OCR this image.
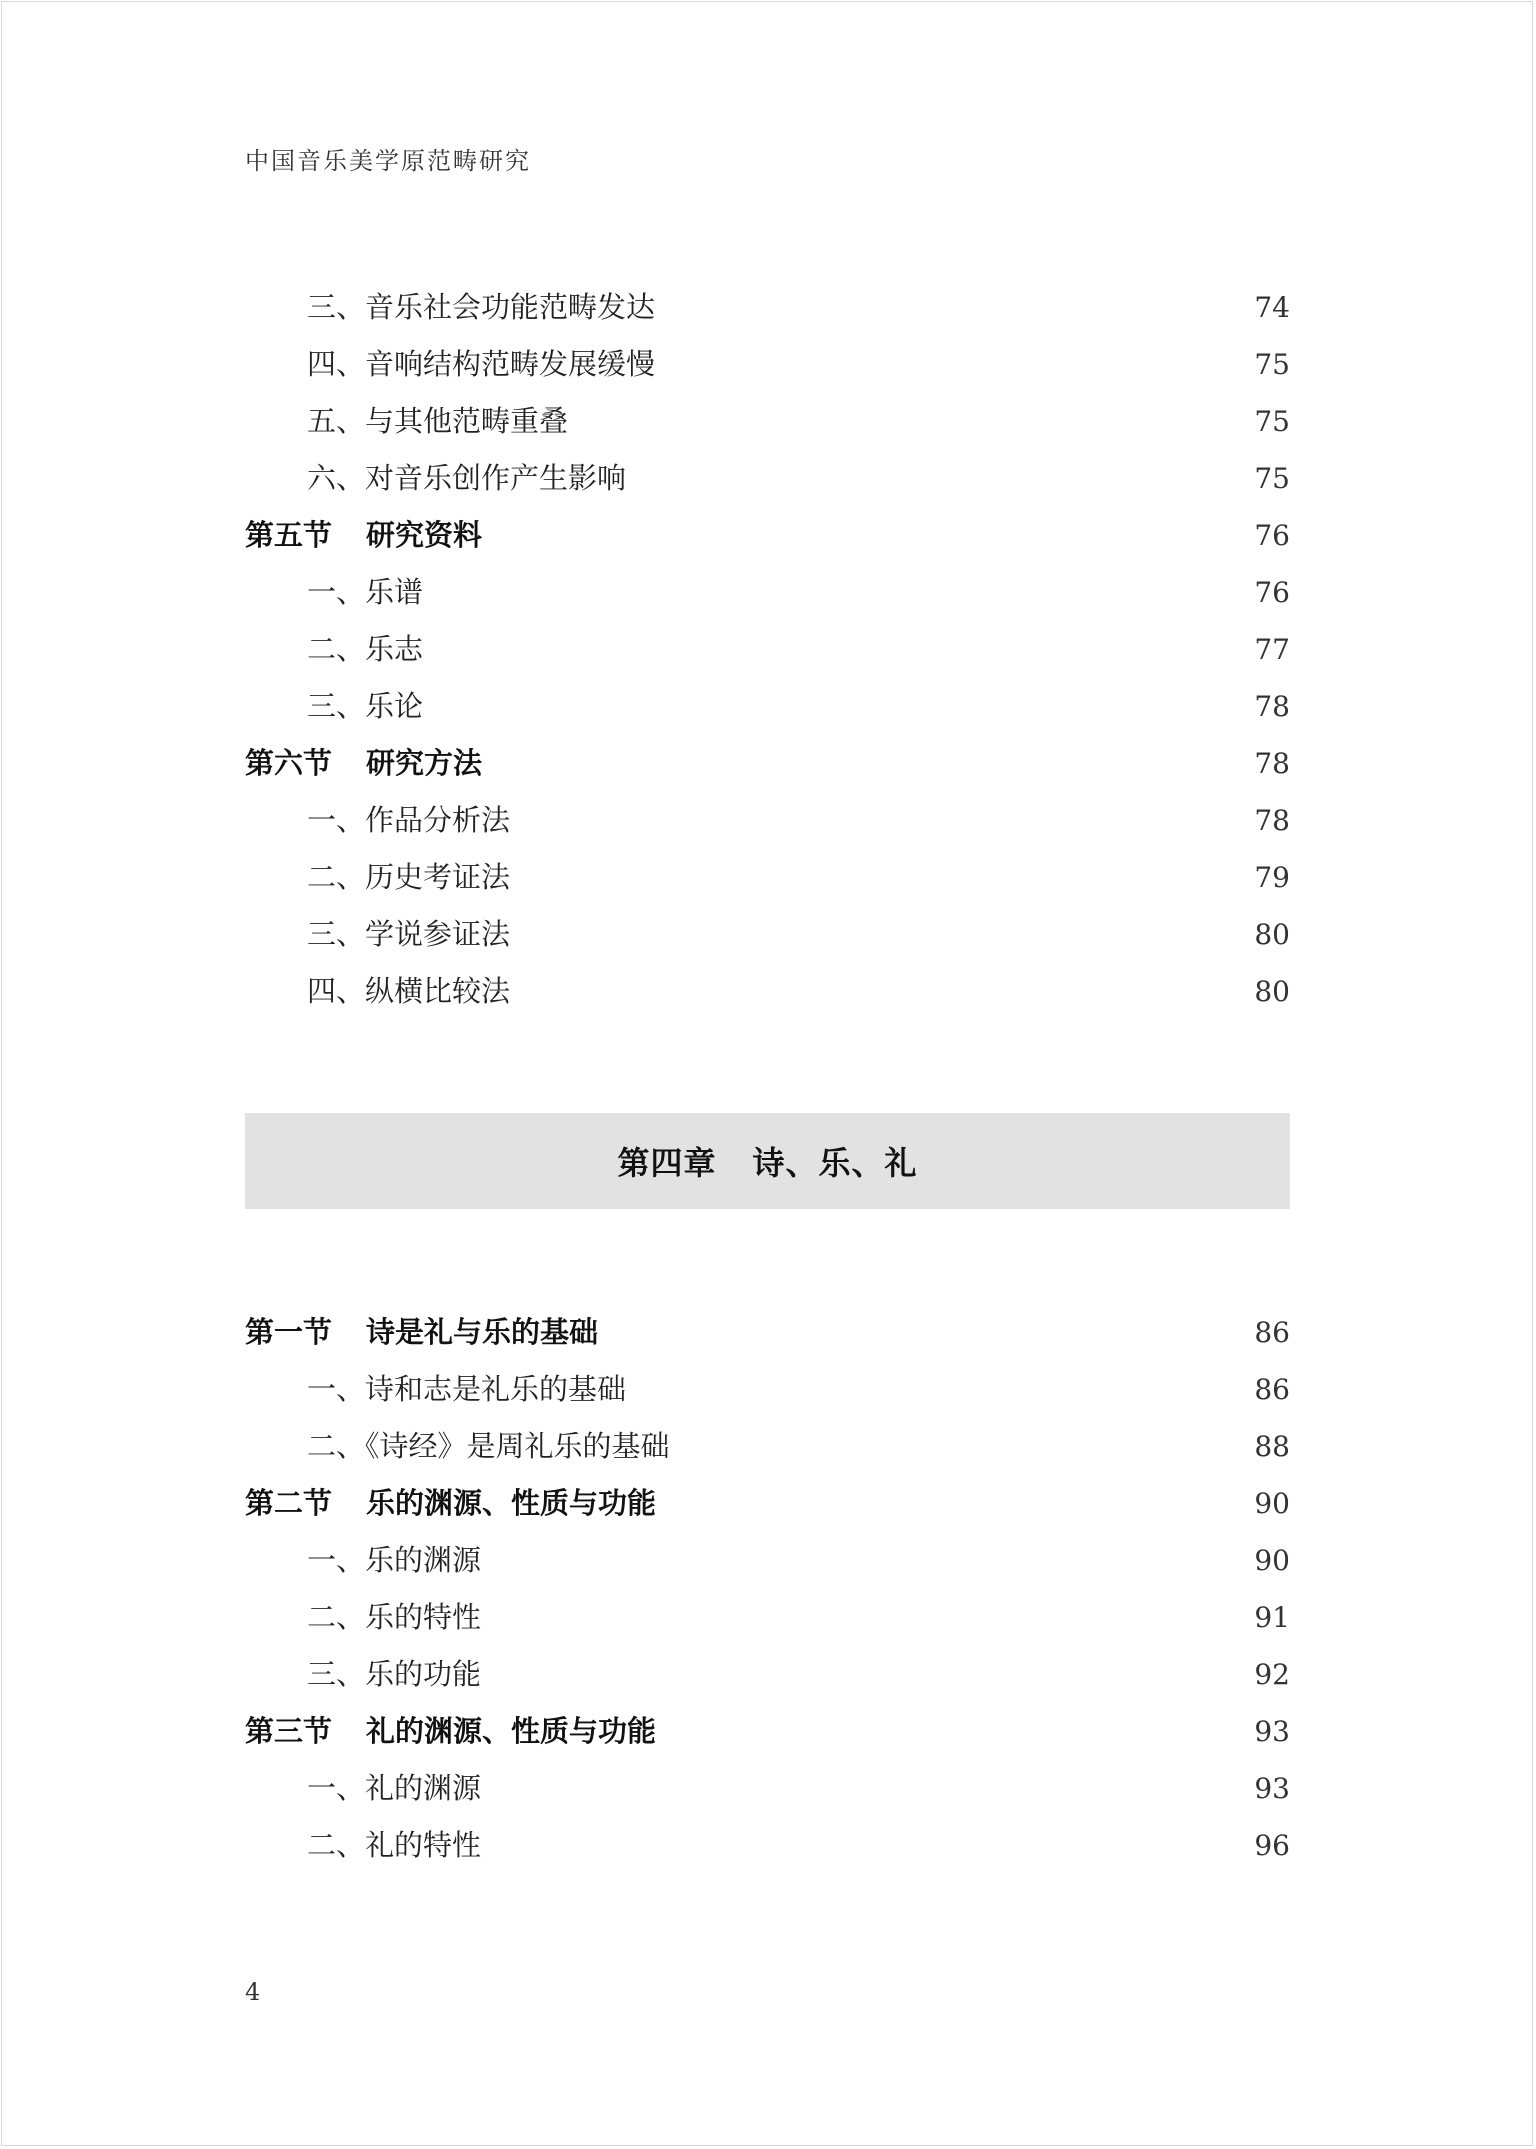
中国音乐美学原范畴研究
三、音乐社会功能范畴发达	74
四、音响结构范畴发展缓慢	75
五、与其他范畴重叠	75
六、对音乐创作产生影响	75
第五节 研究资料	76
一、乐谱	76
二、乐志	77
三、乐论	78
第六节 研究方法	78
一、作品分析法	78
二、历史考证法	79
三、学说参证法	80
四、纵横比较法	80
第四章 诗、乐、礼
第一节 诗是礼与乐的基础	86
一、诗和志是礼乐的基础	86
二、《诗经》是周礼乐的基础	88
第二节 乐的渊源、性质与功能	90
一、乐的渊源	90
二、乐的特性	91
三、乐的功能	92
第三节 礼的渊源、性质与功能	93
一、礼的渊源	93
二、礼的特性	96
4
